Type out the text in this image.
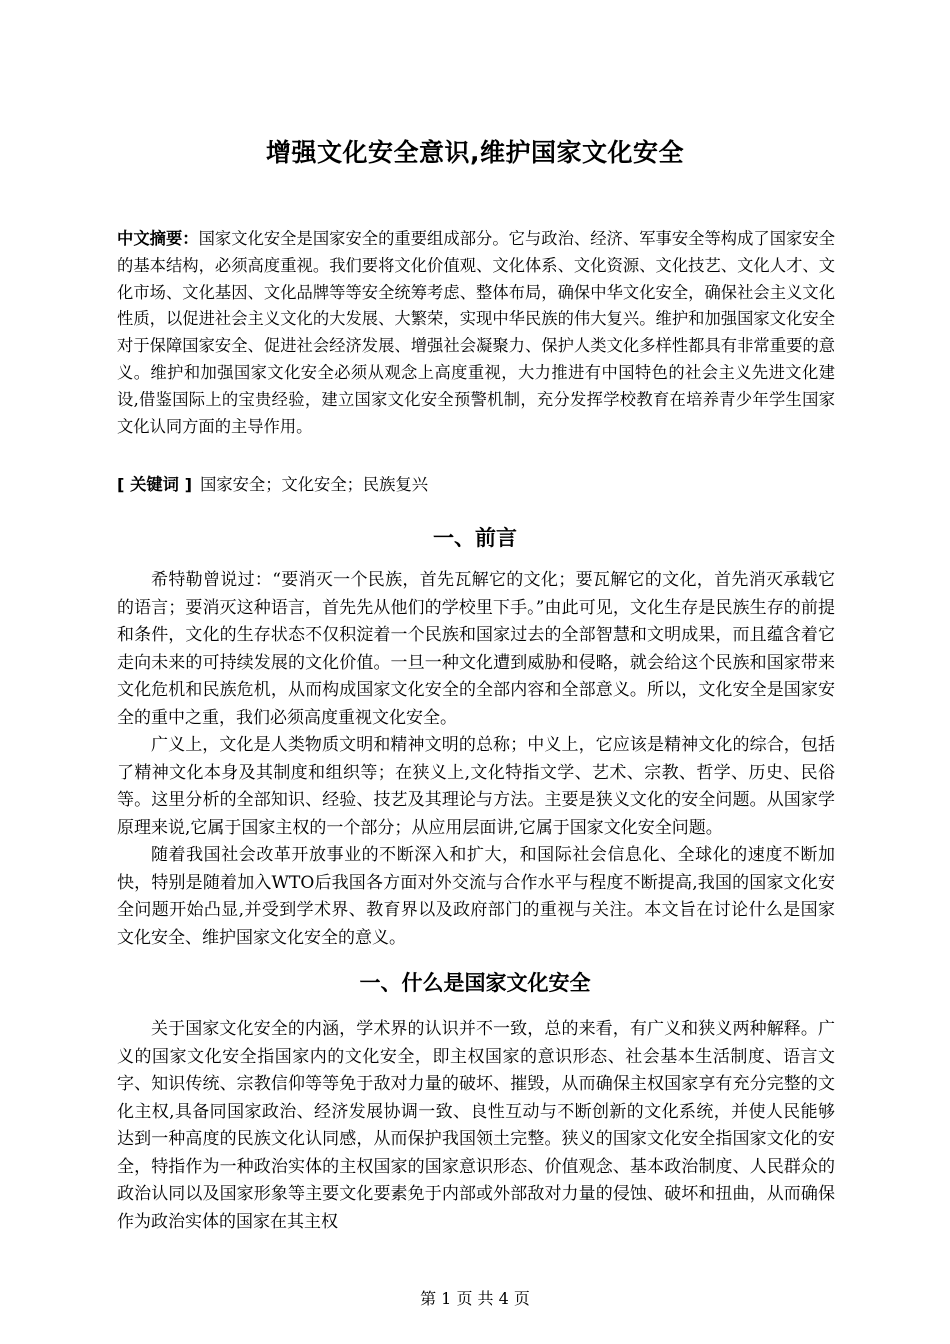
增强文化安全意识,维护国家文化安全
中文摘要：国家文化安全是国家安全的重要组成部分。它与政治、经济、军事安全等构成了国家安全的基本结构，必须高度重视。我们要将文化价值观、文化体系、文化资源、文化技艺、文化人才、文化市场、文化基因、文化品牌等等安全统筹考虑、整体布局，确保中华文化安全，确保社会主义文化性质，以促进社会主义文化的大发展、大繁荣，实现中华民族的伟大复兴。维护和加强国家文化安全对于保障国家安全、促进社会经济发展、增强社会凝聚力、保护人类文化多样性都具有非常重要的意义。维护和加强国家文化安全必须从观念上高度重视，大力推进有中国特色的社会主义先进文化建设,借鉴国际上的宝贵经验，建立国家文化安全预警机制，充分发挥学校教育在培养青少年学生国家文化认同方面的主导作用。
[ 关键词 ] 国家安全；文化安全；民族复兴
一、前言

希特勒曾说过：“要消灭一个民族，首先瓦解它的文化；要瓦解它的文化，首先消灭承载它的语言；要消灭这种语言，首先先从他们的学校里下手。”由此可见，文化生存是民族生存的前提和条件，文化的生存状态不仅积淀着一个民族和国家过去的全部智慧和文明成果，而且蕴含着它走向未来的可持续发展的文化价值。一旦一种文化遭到威胁和侵略，就会给这个民族和国家带来文化危机和民族危机，从而构成国家文化安全的全部内容和全部意义。所以，文化安全是国家安全的重中之重，我们必须高度重视文化安全。

广义上，文化是人类物质文明和精神文明的总称；中义上，它应该是精神文化的综合，包括了精神文化本身及其制度和组织等；在狭义上,文化特指文学、艺术、宗教、哲学、历史、民俗等。这里分析的全部知识、经验、技艺及其理论与方法。主要是狭义文化的安全问题。从国家学原理来说,它属于国家主权的一个部分；从应用层面讲,它属于国家文化安全问题。

随着我国社会改革开放事业的不断深入和扩大，和国际社会信息化、全球化的速度不断加快，特别是随着加入WTO后我国各方面对外交流与合作水平与程度不断提高,我国的国家文化安全问题开始凸显,并受到学术界、教育界以及政府部门的重视与关注。本文旨在讨论什么是国家文化安全、维护国家文化安全的意义。

一、什么是国家文化安全

关于国家文化安全的内涵，学术界的认识并不一致，总的来看，有广义和狭义两种解释。广义的国家文化安全指国家内的文化安全，即主权国家的意识形态、社会基本生活制度、语言文字、知识传统、宗教信仰等等免于敌对力量的破坏、摧毁，从而确保主权国家享有充分完整的文化主权,具备同国家政治、经济发展协调一致、良性互动与不断创新的文化系统，并使人民能够达到一种高度的民族文化认同感，从而保护我国领土完整。狭义的国家文化安全指国家文化的安全，特指作为一种政治实体的主权国家的国家意识形态、价值观念、基本政治制度、人民群众的政治认同以及国家形象等主要文化要素免于内部或外部敌对力量的侵蚀、破坏和扭曲，从而确保作为政治实体的国家在其主权

第 1 页 共 4 页
